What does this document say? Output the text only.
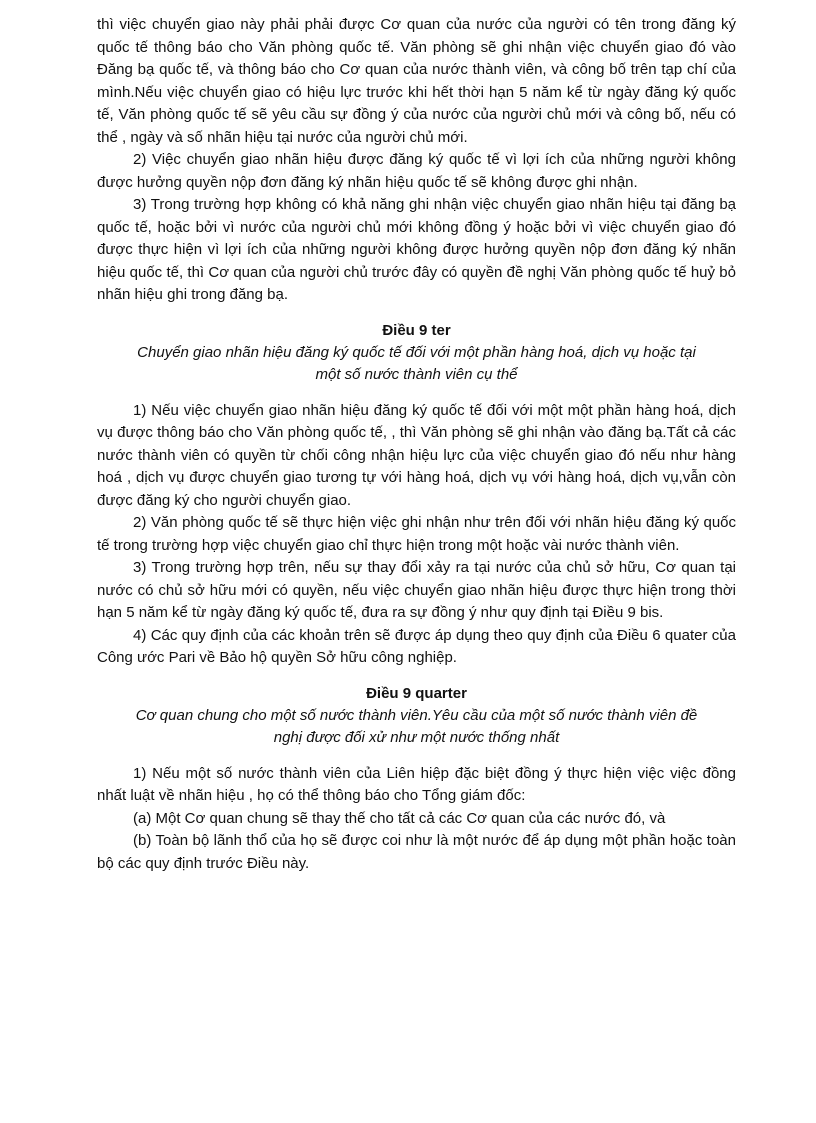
thì việc chuyển giao này phải phải được Cơ quan của nước của người có tên trong đăng ký quốc tế thông báo cho Văn phòng quốc tế. Văn phòng sẽ ghi nhận việc chuyển giao đó vào Đăng bạ quốc tế, và thông báo cho Cơ quan của nước thành viên, và công bố trên tạp chí của mình.Nếu việc chuyển giao có hiệu lực trước khi hết thời hạn 5 năm kể từ ngày đăng ký quốc tế, Văn phòng quốc tế sẽ yêu cầu sự đồng ý của nước của người chủ mới và công bố, nếu có thể , ngày và số nhãn hiệu tại nước của người chủ mới.

2) Việc chuyển giao nhãn hiệu được đăng ký quốc tế vì lợi ích của những người không được hưởng quyền nộp đơn đăng ký nhãn hiệu quốc tế sẽ không được ghi nhận.

3) Trong trường hợp không có khả năng ghi nhận việc chuyển giao nhãn hiệu tại đăng bạ quốc tế, hoặc bởi vì nước của người chủ mới không đồng ý hoặc bởi vì việc chuyển giao đó được thực hiện vì lợi ích của những người không được hưởng quyền nộp đơn đăng ký nhãn hiệu quốc tế, thì Cơ quan của người chủ trước đây có quyền đề nghị Văn phòng quốc tế huỷ bỏ nhãn hiệu ghi trong đăng bạ.

Điều 9 ter
Chuyển giao nhãn hiệu đăng ký quốc tế đối với một phần hàng hoá, dịch vụ hoặc tại
một số nước thành viên cụ thể

1) Nếu việc chuyển giao nhãn hiệu đăng ký quốc tế đối với một một phần hàng hoá, dịch vụ được thông báo cho Văn phòng quốc tế, , thì Văn phòng sẽ ghi nhận vào đăng bạ.Tất cả các nước thành viên có quyền từ chối công nhận hiệu lực của việc chuyển giao đó nếu như hàng hoá , dịch vụ được chuyển giao tương tự với hàng hoá, dịch vụ với hàng hoá, dịch vụ,vẫn còn được đăng ký cho người chuyển giao.

2) Văn phòng quốc tế sẽ thực hiện việc ghi nhận như trên đối với nhãn hiệu đăng ký quốc tế trong trường hợp việc chuyển giao chỉ thực hiện trong một hoặc vài nước thành viên.

3) Trong trường hợp trên, nếu sự thay đổi xảy ra tại nước của chủ sở hữu, Cơ quan tại nước có chủ sở hữu mới có quyền, nếu việc chuyển giao nhãn hiệu được thực hiện trong thời hạn 5 năm kể từ ngày đăng ký quốc tế, đưa ra sự đồng ý như quy định tại Điều 9 bis.

4) Các quy định của các khoản trên sẽ được áp dụng theo quy định của Điều 6 quater của Công ước Pari về Bảo hộ quyền Sở hữu công nghiệp.

Điều 9 quarter
Cơ quan chung cho một số nước thành viên.Yêu cầu của một số nước thành viên đề
nghị được đối xử như một nước thống nhất

1) Nếu một số nước thành viên của Liên hiệp đặc biệt đồng ý thực hiện việc việc đồng nhất luật về nhãn hiệu , họ có thể thông báo cho Tổng giám đốc:

(a) Một Cơ quan chung sẽ thay thế cho tất cả các Cơ quan của các nước đó, và

(b) Toàn bộ lãnh thổ của họ sẽ được coi như là một nước để áp dụng một phần hoặc toàn bộ các quy định trước Điều này.
